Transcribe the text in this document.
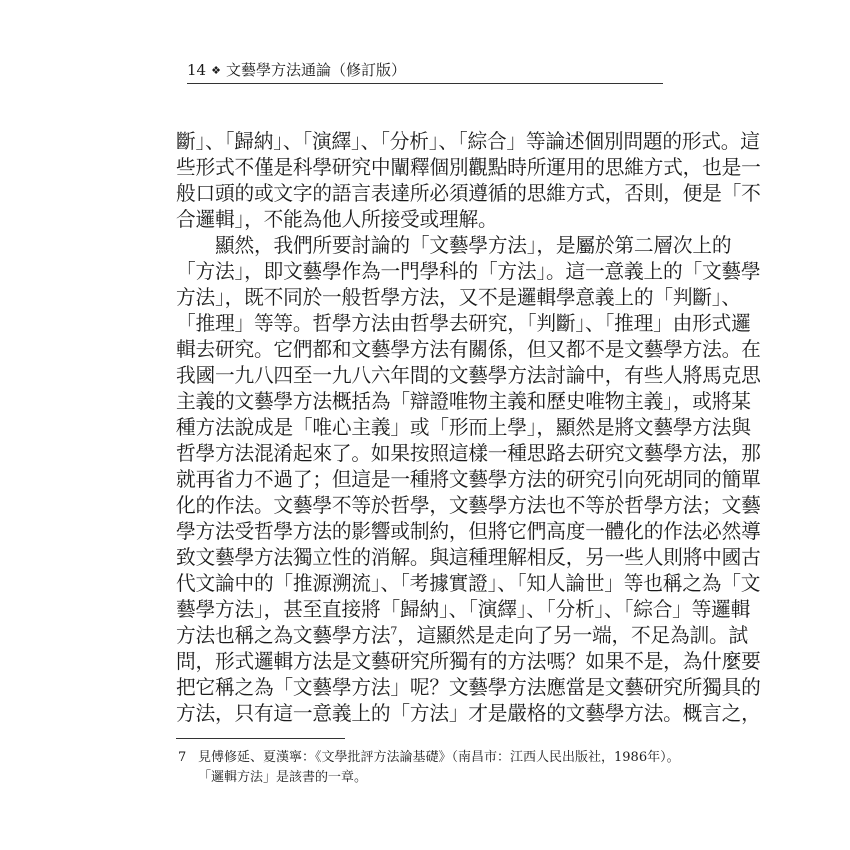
14 ❖ 文藝學方法通論（修訂版）
斷」、「歸納」、「演繹」、「分析」、「綜合」等論述個別問題的形式。這
些形式不僅是科學研究中闡釋個別觀點時所運用的思維方式，也是一
般口頭的或文字的語言表達所必須遵循的思維方式，否則，便是「不
合邏輯」，不能為他人所接受或理解。
顯然，我們所要討論的「文藝學方法」，是屬於第二層次上的
「方法」，即文藝學作為一門學科的「方法」。這一意義上的「文藝學
方法」，既不同於一般哲學方法，又不是邏輯學意義上的「判斷」、
「推理」等等。哲學方法由哲學去研究，「判斷」、「推理」由形式邏
輯去研究。它們都和文藝學方法有關係，但又都不是文藝學方法。在
我國一九八四至一九八六年間的文藝學方法討論中，有些人將馬克思
主義的文藝學方法概括為「辯證唯物主義和歷史唯物主義」，或將某
種方法說成是「唯心主義」或「形而上學」，顯然是將文藝學方法與
哲學方法混淆起來了。如果按照這樣一種思路去研究文藝學方法，那
就再省力不過了；但這是一種將文藝學方法的研究引向死胡同的簡單
化的作法。文藝學不等於哲學，文藝學方法也不等於哲學方法；文藝
學方法受哲學方法的影響或制約，但將它們高度一體化的作法必然導
致文藝學方法獨立性的消解。與這種理解相反，另一些人則將中國古
代文論中的「推源溯流」、「考據實證」、「知人論世」等也稱之為「文
藝學方法」，甚至直接將「歸納」、「演繹」、「分析」、「綜合」等邏輯
方法也稱之為文藝學方法$^7$，這顯然是走向了另一端，不足為訓。試
問，形式邏輯方法是文藝研究所獨有的方法嗎？如果不是，為什麼要
把它稱之為「文藝學方法」呢？文藝學方法應當是文藝研究所獨具的
方法，只有這一意義上的「方法」才是嚴格的文藝學方法。概言之，
7 見傅修延、夏漢寧：《文學批評方法論基礎》（南昌市：江西人民出版社，1986年）。
「邏輯方法」是該書的一章。
